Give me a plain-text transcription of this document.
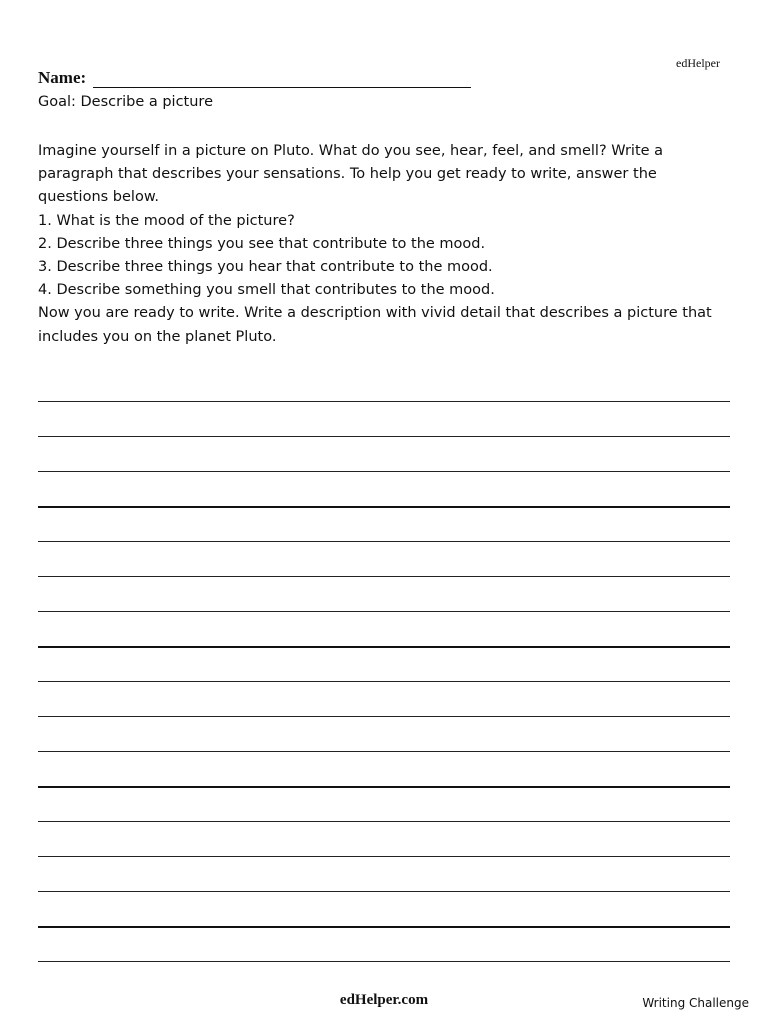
edHelper
Name:
Goal: Describe a picture

Imagine yourself in a picture on Pluto. What do you see, hear, feel, and smell? Write a paragraph that describes your sensations. To help you get ready to write, answer the questions below.

1. What is the mood of the picture?

2. Describe three things you see that contribute to the mood.

3. Describe three things you hear that contribute to the mood.

4. Describe something you smell that contributes to the mood.

Now you are ready to write. Write a description with vivid detail that describes a picture that includes you on the planet Pluto.

edHelper.com	Writing Challenge
